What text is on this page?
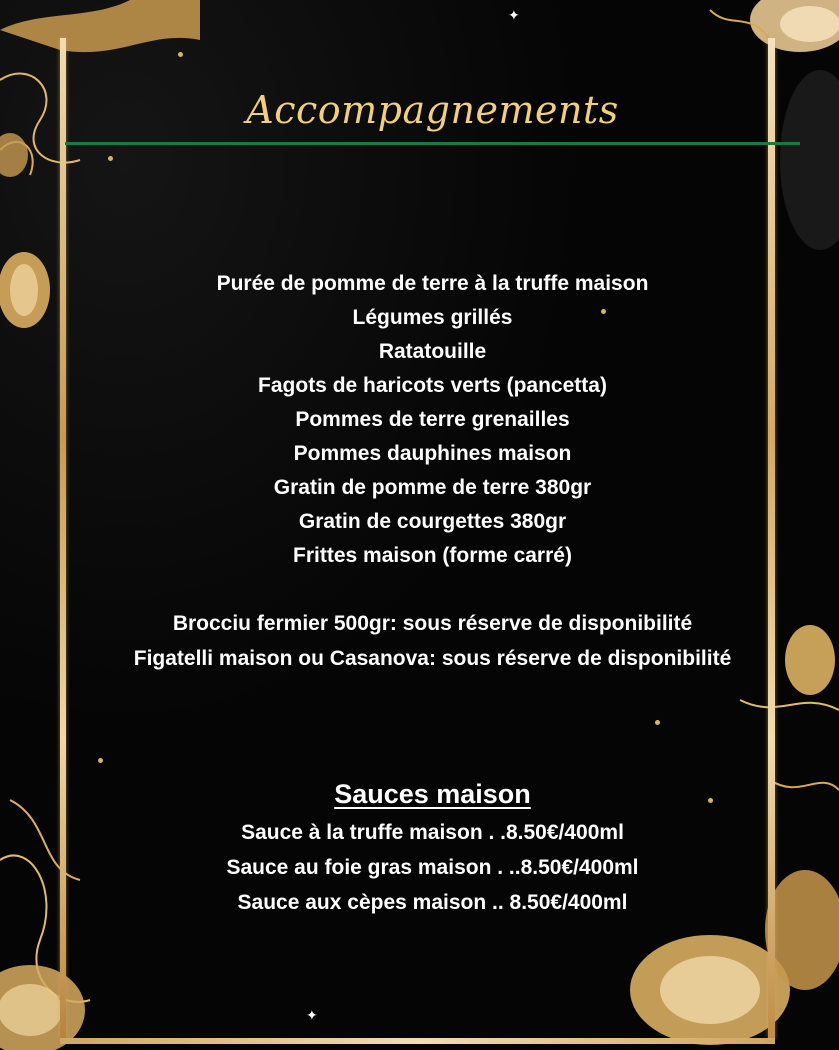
✦
✦
Accompagnements
Purée de pomme de terre à la truffe maison
Légumes grillés
Ratatouille
Fagots de haricots verts (pancetta)
Pommes de terre grenailles
Pommes dauphines maison
Gratin de pomme de terre 380gr
Gratin de courgettes 380gr
Frittes maison (forme carré)
Brocciu fermier 500gr: sous réserve de disponibilité
Figatelli maison ou Casanova: sous réserve de disponibilité
Sauces maison
Sauce à la truffe maison . .8.50€/400ml
Sauce au foie gras maison . ..8.50€/400ml
Sauce aux cèpes maison .. 8.50€/400ml
